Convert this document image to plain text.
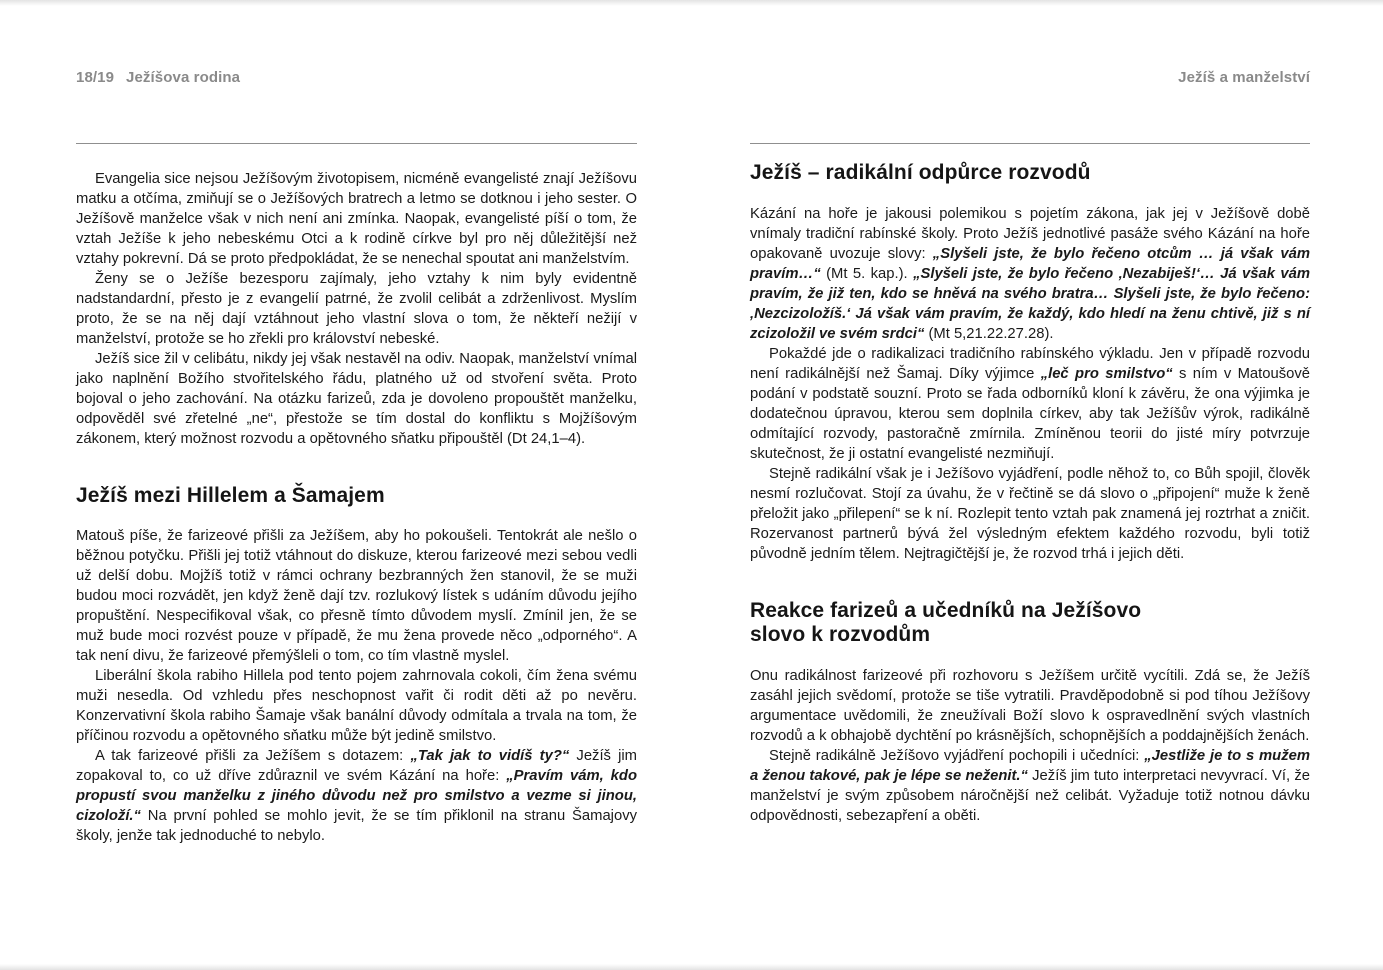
18/19 Ježíšova rodina

Evangelia sice nejsou Ježíšovým životopisem, nicméně evangelisté znají Ježíšovu matku a otčíma, zmiňují se o Ježíšových bratrech a letmo se dotknou i jeho sester. O Ježíšově manželce však v nich není ani zmínka. Naopak, evangelisté píší o tom, že vztah Ježíše k jeho nebeskému Otci a k rodině církve byl pro něj důležitější než vztahy pokrevní. Dá se proto předpokládat, že se nenechal spoutat ani manželstvím.

Ženy se o Ježíše bezesporu zajímaly, jeho vztahy k nim byly evidentně nadstandardní, přesto je z evangelií patrné, že zvolil celibát a zdrženlivost. Myslím proto, že se na něj dají vztáhnout jeho vlastní slova o tom, že někteří nežijí v manželství, protože se ho zřekli pro království nebeské.

Ježíš sice žil v celibátu, nikdy jej však nestavěl na odiv. Naopak, manželství vnímal jako naplnění Božího stvořitelského řádu, platného už od stvoření světa. Proto bojoval o jeho zachování. Na otázku farizeů, zda je dovoleno propouštět manželku, odpověděl své zřetelné „ne“, přestože se tím dostal do konfliktu s Mojžíšovým zákonem, který možnost rozvodu a opětovného sňatku připouštěl (Dt 24,1–4).

Ježíš mezi Hillelem a Šamajem

Matouš píše, že farizeové přišli za Ježíšem, aby ho pokoušeli. Tentokrát ale nešlo o běžnou potyčku. Přišli jej totiž vtáhnout do diskuze, kterou farizeové mezi sebou vedli už delší dobu. Mojžíš totiž v rámci ochrany bezbranných žen stanovil, že se muži budou moci rozvádět, jen když ženě dají tzv. rozlukový lístek s udáním důvodu jejího propuštění. Nespecifikoval však, co přesně tímto důvodem myslí. Zmínil jen, že se muž bude moci rozvést pouze v případě, že mu žena provede něco „odporného“. A tak není divu, že farizeové přemýšleli o tom, co tím vlastně myslel.

Liberální škola rabiho Hillela pod tento pojem zahrnovala cokoli, čím žena svému muži nesedla. Od vzhledu přes neschopnost vařit či rodit děti až po nevěru. Konzervativní škola rabiho Šamaje však banální důvody odmítala a trvala na tom, že příčinou rozvodu a opětovného sňatku může být jedině smilstvo.

A tak farizeové přišli za Ježíšem s dotazem: „Tak jak to vidíš ty?“ Ježíš jim zopakoval to, co už dříve zdůraznil ve svém Kázání na hoře: „Pravím vám, kdo propustí svou manželku z jiného důvodu než pro smilstvo a vezme si jinou, cizoloží.“ Na první pohled se mohlo jevit, že se tím přiklonil na stranu Šamajovy školy, jenže tak jednoduché to nebylo.

Ježíš a manželství
Ježíš – radikální odpůrce rozvodů

Kázání na hoře je jakousi polemikou s pojetím zákona, jak jej v Ježíšově době vnímaly tradiční rabínské školy. Proto Ježíš jednotlivé pasáže svého Kázání na hoře opakovaně uvozuje slovy: „Slyšeli jste, že bylo řečeno otcům … já však vám pravím…“ (Mt 5. kap.). „Slyšeli jste, že bylo řečeno ‚Nezabiješ!‘… Já však vám pravím, že již ten, kdo se hněvá na svého bratra… Slyšeli jste, že bylo řečeno: ‚Nezcizoložíš.‘ Já však vám pravím, že každý, kdo hledí na ženu chtivě, již s ní zcizoložil ve svém srdci“ (Mt 5,21.22.27.28).

Pokaždé jde o radikalizaci tradičního rabínského výkladu. Jen v případě rozvodu není radikálnější než Šamaj. Díky výjimce „leč pro smilstvo“ s ním v Matoušově podání v podstatě souzní. Proto se řada odborníků kloní k závěru, že ona výjimka je dodatečnou úpravou, kterou sem doplnila církev, aby tak Ježíšův výrok, radikálně odmítající rozvody, pastoračně zmírnila. Zmíněnou teorii do jisté míry potvrzuje skutečnost, že ji ostatní evangelisté nezmiňují.

Stejně radikální však je i Ježíšovo vyjádření, podle něhož to, co Bůh spojil, člověk nesmí rozlučovat. Stojí za úvahu, že v řečtině se dá slovo o „připojení“ muže k ženě přeložit jako „přilepení“ se k ní. Rozlepit tento vztah pak znamená jej roztrhat a zničit. Rozervanost partnerů bývá žel výsledným efektem každého rozvodu, byli totiž původně jedním tělem. Nejtragičtější je, že rozvod trhá i jejich děti.

Reakce farizeů a učedníků na Ježíšovo
slovo k rozvodům

Onu radikálnost farizeové při rozhovoru s Ježíšem určitě vycítili. Zdá se, že Ježíš zasáhl jejich svědomí, protože se tiše vytratili. Pravděpodobně si pod tíhou Ježíšovy argumentace uvědomili, že zneužívali Boží slovo k ospravedlnění svých vlastních rozvodů a k obhajobě dychtění po krásnějších, schopnějších a poddajnějších ženách.

Stejně radikálně Ježíšovo vyjádření pochopili i učedníci: „Jestliže je to s mužem a ženou takové, pak je lépe se neženit.“ Ježíš jim tuto interpretaci nevyvrací. Ví, že manželství je svým způsobem náročnější než celibát. Vyžaduje totiž notnou dávku odpovědnosti, sebezapření a oběti.
